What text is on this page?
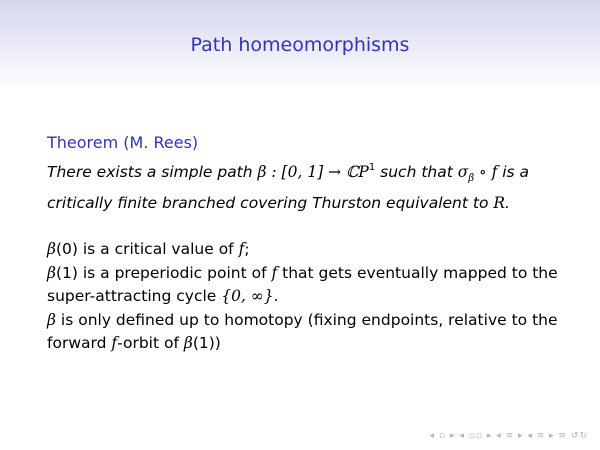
Path homeomorphisms
Theorem (M. Rees)
There exists a simple path β : [0, 1] → ℂP$^1$ such that $\sigma_\beta$ ∘ f is a
critically finite branched covering Thurston equivalent to R.
β(0) is a critical value of f;
β(1) is a preperiodic point of f that gets eventually mapped to the
super-attracting cycle {0, ∞}.
β is only defined up to homotopy (fixing endpoints, relative to the
forward f-orbit of β(1))
◂ ▫ ▸ ◂ ▫▫ ▸ ◂ ≡ ▸ ◂ ≡ ▸ ≡ ↺↻
